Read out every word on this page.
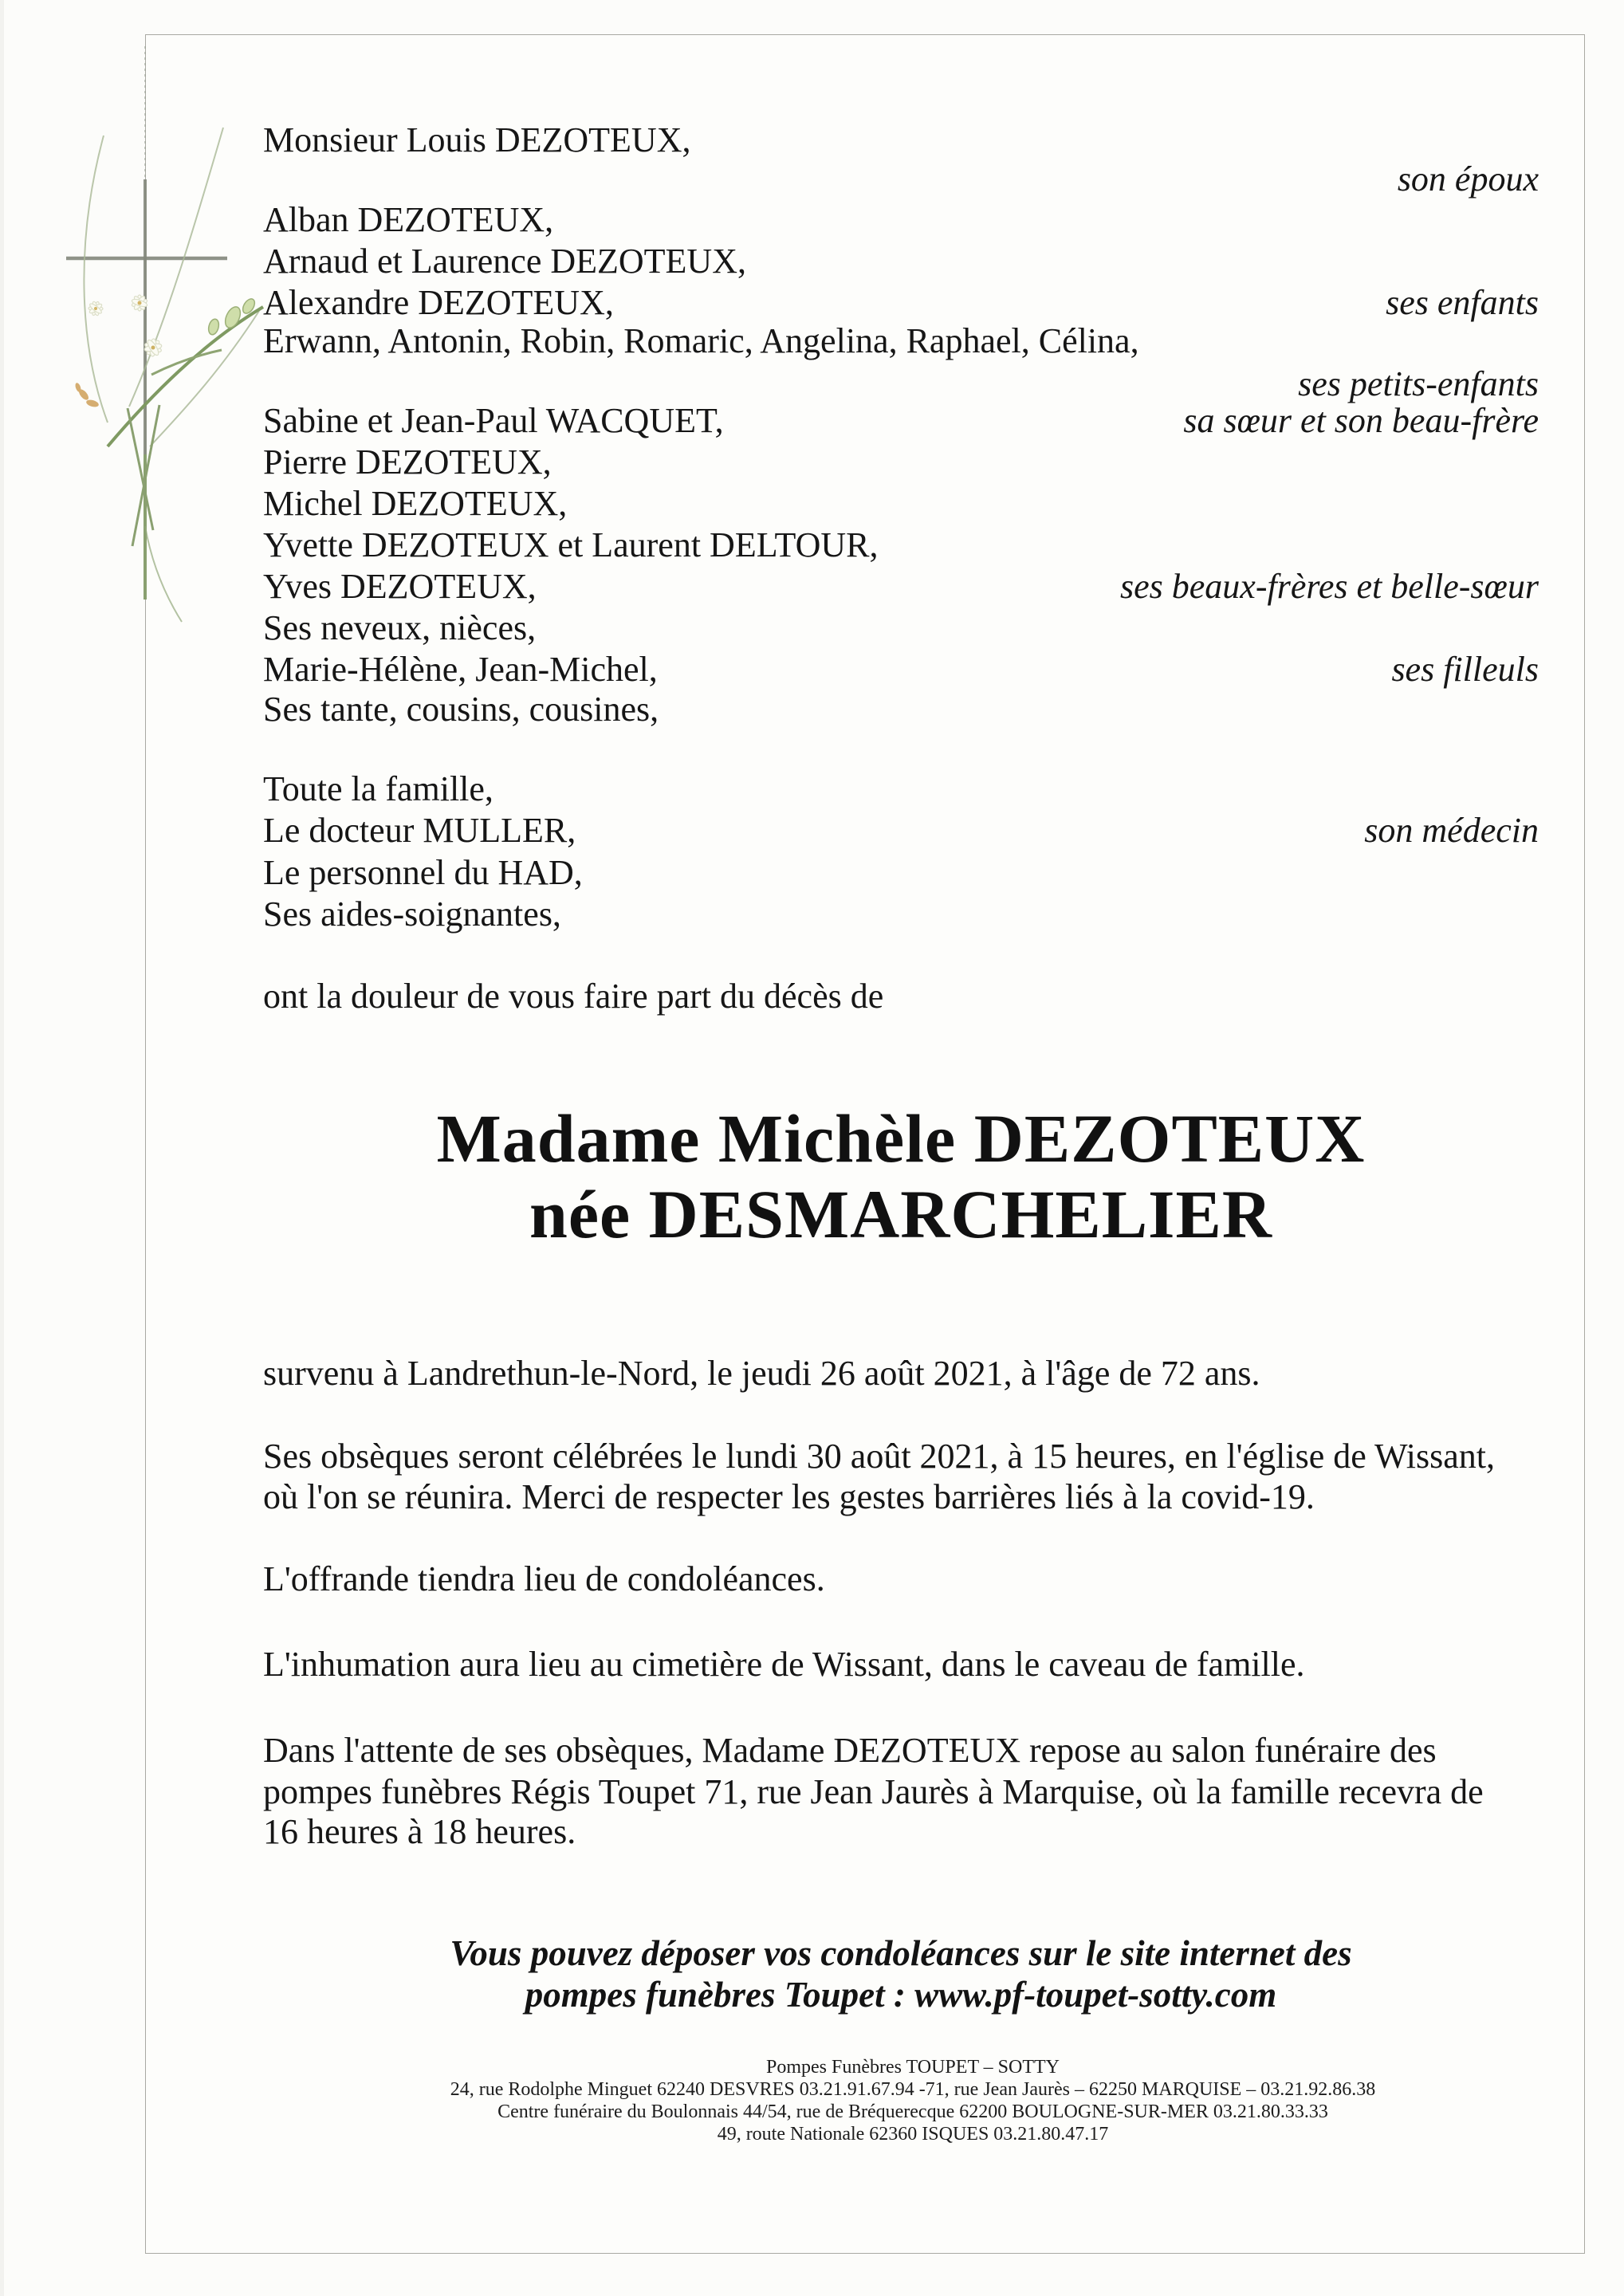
Monsieur Louis DEZOTEUX,
son époux
Alban DEZOTEUX,
Arnaud et Laurence DEZOTEUX,
Alexandre DEZOTEUX,	ses enfants
Erwann, Antonin, Robin, Romaric, Angelina, Raphael, Célina,
ses petits-enfants
Sabine et Jean-Paul WACQUET,	sa sœur et son beau-frère
Pierre DEZOTEUX,
Michel DEZOTEUX,
Yvette DEZOTEUX et Laurent DELTOUR,
Yves DEZOTEUX,	ses beaux-frères et belle-sœur
Ses neveux, nièces,
Marie-Hélène, Jean-Michel,	ses filleuls
Ses tante, cousins, cousines,
Toute la famille,
Le docteur MULLER,	son médecin
Le personnel du HAD,
Ses aides-soignantes,
ont la douleur de vous faire part du décès de
Madame Michèle DEZOTEUX
née DESMARCHELIER
survenu à Landrethun-le-Nord, le jeudi 26 août 2021, à l'âge de 72 ans.
Ses obsèques seront célébrées le lundi 30 août 2021, à 15 heures, en l'église de Wissant,
où l'on se réunira. Merci de respecter les gestes barrières liés à la covid-19.
L'offrande tiendra lieu de condoléances.
L'inhumation aura lieu au cimetière de Wissant, dans le caveau de famille.
Dans l'attente de ses obsèques, Madame DEZOTEUX repose au salon funéraire des
pompes funèbres Régis Toupet 71, rue Jean Jaurès à Marquise, où la famille recevra de
16 heures à 18 heures.
Vous pouvez déposer vos condoléances sur le site internet des
pompes funèbres Toupet : www.pf-toupet-sotty.com
Pompes Funèbres TOUPET – SOTTY
24, rue Rodolphe Minguet 62240 DESVRES 03.21.91.67.94 -71, rue Jean Jaurès – 62250 MARQUISE – 03.21.92.86.38
Centre funéraire du Boulonnais 44/54, rue de Bréquerecque 62200 BOULOGNE-SUR-MER 03.21.80.33.33
49, route Nationale 62360 ISQUES 03.21.80.47.17
